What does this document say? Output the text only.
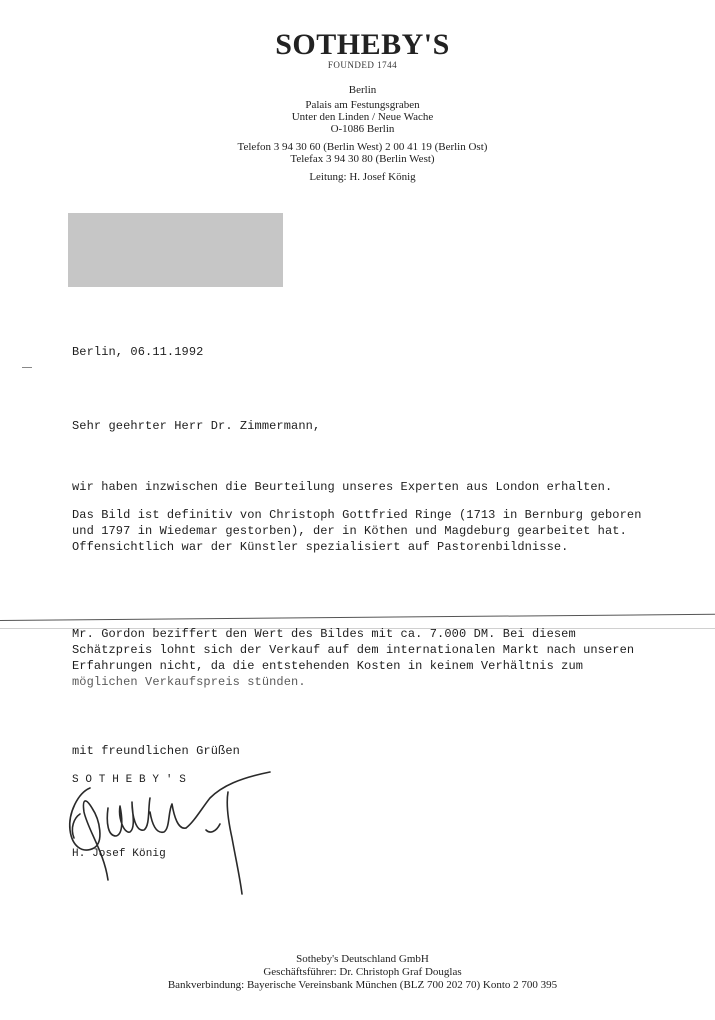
SOTHEBY'S
FOUNDED 1744
Berlin
Palais am Festungsgraben
Unter den Linden / Neue Wache
O-1086 Berlin
Telefon 3 94 30 60 (Berlin West) 2 00 41 19 (Berlin Ost)
Telefax 3 94 30 80 (Berlin West)
Leitung: H. Josef König
Berlin, 06.11.1992
Sehr geehrter Herr Dr. Zimmermann,
wir haben inzwischen die Beurteilung unseres Experten aus London erhalten.
Das Bild ist definitiv von Christoph Gottfried Ringe (1713 in Bernburg geboren
und 1797 in Wiedemar gestorben), der in Köthen und Magdeburg gearbeitet hat.
Offensichtlich war der Künstler spezialisiert auf Pastorenbildnisse.
Mr. Gordon beziffert den Wert des Bildes mit ca. 7.000 DM. Bei diesem
Schätzpreis lohnt sich der Verkauf auf dem internationalen Markt nach unseren
Erfahrungen nicht, da die entstehenden Kosten in keinem Verhältnis zum
möglichen Verkaufspreis stünden.
mit freundlichen Grüßen
S O T H E B Y ' S
H. Josef König
Sotheby's Deutschland GmbH
Geschäftsführer: Dr. Christoph Graf Douglas
Bankverbindung: Bayerische Vereinsbank München (BLZ 700 202 70) Konto 2 700 395
